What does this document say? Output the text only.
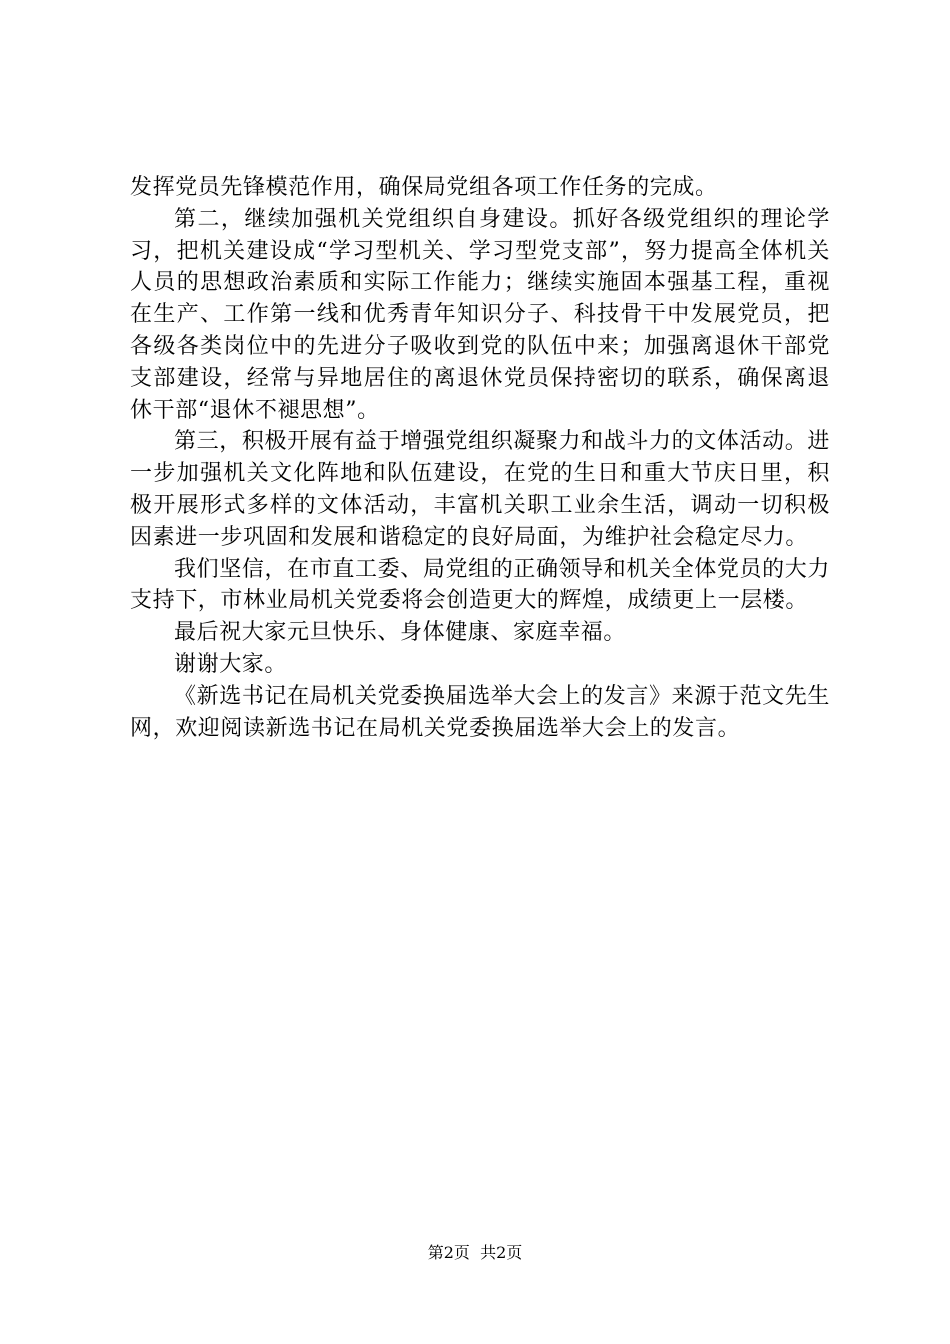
发挥党员先锋模范作用，确保局党组各项工作任务的完成。

第二，继续加强机关党组织自身建设。抓好各级党组织的理论学习，把机关建设成“学习型机关、学习型党支部”，努力提高全体机关人员的思想政治素质和实际工作能力；继续实施固本强基工程，重视在生产、工作第一线和优秀青年知识分子、科技骨干中发展党员，把各级各类岗位中的先进分子吸收到党的队伍中来；加强离退休干部党支部建设，经常与异地居住的离退休党员保持密切的联系，确保离退休干部“退休不褪思想”。

第三，积极开展有益于增强党组织凝聚力和战斗力的文体活动。进一步加强机关文化阵地和队伍建设，在党的生日和重大节庆日里，积极开展形式多样的文体活动，丰富机关职工业余生活，调动一切积极因素进一步巩固和发展和谐稳定的良好局面，为维护社会稳定尽力。

我们坚信，在市直工委、局党组的正确领导和机关全体党员的大力支持下，市林业局机关党委将会创造更大的辉煌，成绩更上一层楼。

最后祝大家元旦快乐、身体健康、家庭幸福。

谢谢大家。

《新选书记在局机关党委换届选举大会上的发言》来源于范文先生网，欢迎阅读新选书记在局机关党委换届选举大会上的发言。

第2页  共2页
